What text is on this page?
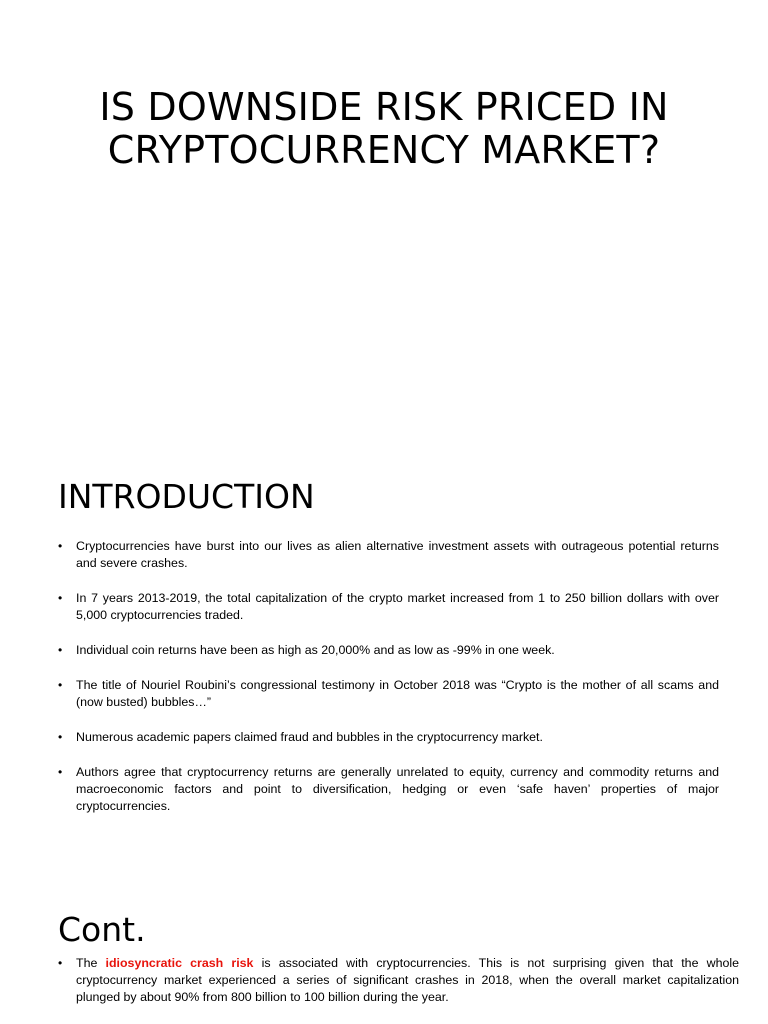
IS DOWNSIDE RISK PRICED IN CRYPTOCURRENCY MARKET?
INTRODUCTION
• Cryptocurrencies have burst into our lives as alien alternative investment assets with outrageous potential returns and severe crashes.
• In 7 years 2013-2019, the total capitalization of the crypto market increased from 1 to 250 billion dollars with over 5,000 cryptocurrencies traded.
• Individual coin returns have been as high as 20,000% and as low as -99% in one week.
• The title of Nouriel Roubini’s congressional testimony in October 2018 was “Crypto is the mother of all scams and (now busted) bubbles…”
• Numerous academic papers claimed fraud and bubbles in the cryptocurrency market.
• Authors agree that cryptocurrency returns are generally unrelated to equity, currency and commodity returns and macroeconomic factors and point to diversification, hedging or even ‘safe haven’ properties of major cryptocurrencies.
Cont.
• The idiosyncratic crash risk is associated with cryptocurrencies. This is not surprising given that the whole cryptocurrency market experienced a series of significant crashes in 2018, when the overall market capitalization plunged by about 90% from 800 billion to 100 billion during the year.
